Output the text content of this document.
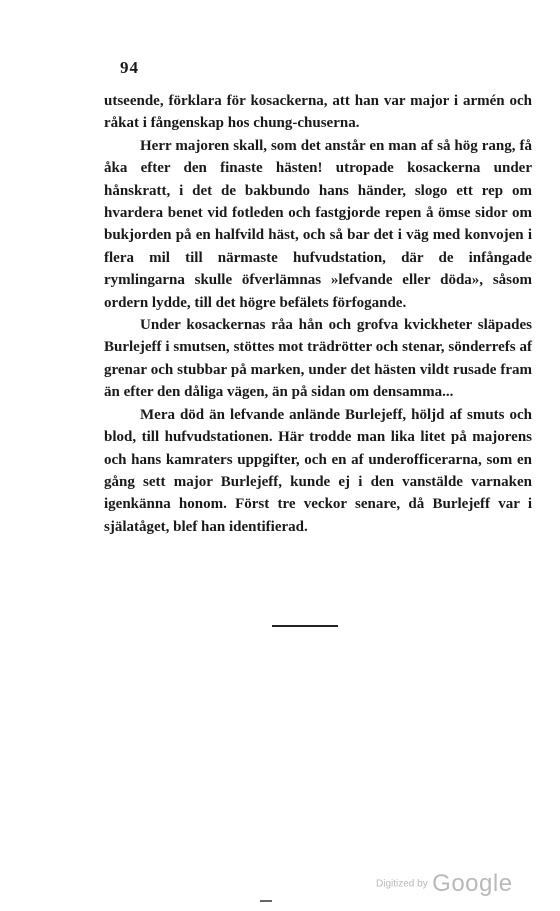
94

utseende, förklara för kosackerna, att han var major i armén och råkat i fångenskap hos chung-chuserna.

Herr majoren skall, som det anstår en man af så hög rang, få åka efter den finaste hästen! utropade kosackerna under hånskratt, i det de bakbundo hans händer, slogo ett rep om hvardera benet vid fotleden och fastgjorde repen å ömse sidor om bukjorden på en halfvild häst, och så bar det i väg med konvojen i flera mil till närmaste hufvudstation, där de infångade rymlingarna skulle öfverlämnas »lefvande eller döda», såsom ordern lydde, till det högre befälets förfogande.

Under kosackernas råa hån och grofva kvickheter släpades Burlejeff i smutsen, stöttes mot trädrötter och stenar, sönderrefs af grenar och stubbar på marken, under det hästen vildt rusade fram än efter den dåliga vägen, än på sidan om densamma...

Mera död än lefvande anlände Burlejeff, höljd af smuts och blod, till hufvudstationen. Här trodde man lika litet på majorens och hans kamraters uppgifter, och en af underofficerarna, som en gång sett major Burlejeff, kunde ej i den vanstälde varnaken igenkänna honom. Först tre veckor senare, då Burlejeff var i själatåget, blef han identifierad.

Digitized by Google
